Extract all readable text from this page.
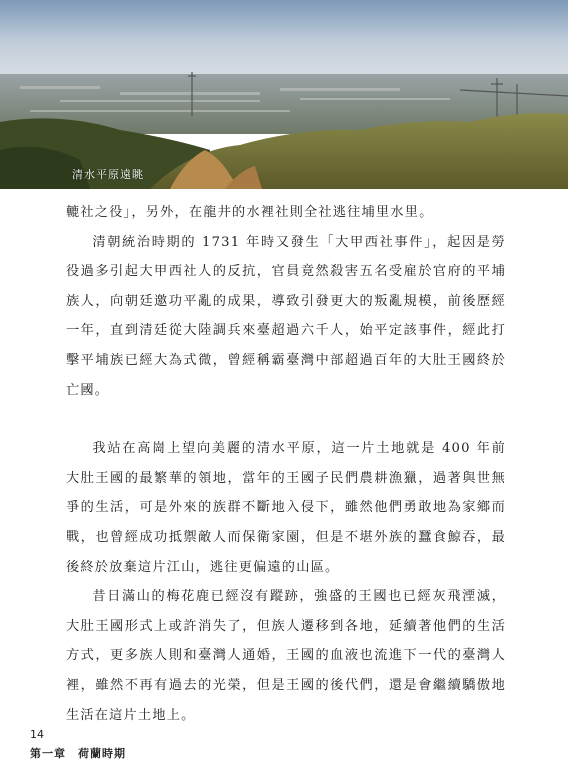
清水平原遠眺

轆社之役」，另外，在龍井的水裡社則全社逃往埔里水里。

清朝統治時期的 1731 年時又發生「大甲西社事件」，起因是勞役過多引起大甲西社人的反抗，官員竟然殺害五名受雇於官府的平埔族人，向朝廷邀功平亂的成果，導致引發更大的叛亂規模，前後歷經一年，直到清廷從大陸調兵來臺超過六千人，始平定該事件，經此打擊平埔族已經大為式微，曾經稱霸臺灣中部超過百年的大肚王國終於亡國。

我站在高崗上望向美麗的清水平原，這一片土地就是 400 年前大肚王國的最繁華的領地，當年的王國子民們農耕漁獵，過著與世無爭的生活，可是外來的族群不斷地入侵下，雖然他們勇敢地為家鄉而戰，也曾經成功抵禦敵人而保衛家園，但是不堪外族的蠶食鯨吞，最後終於放棄這片江山，逃往更偏遠的山區。

昔日滿山的梅花鹿已經沒有蹤跡，強盛的王國也已經灰飛湮滅，大肚王國形式上或許消失了，但族人遷移到各地，延續著他們的生活方式，更多族人則和臺灣人通婚，王國的血液也流進下一代的臺灣人裡，雖然不再有過去的光榮，但是王國的後代們，還是會繼續驕傲地生活在這片土地上。

14
第一章 荷蘭時期
